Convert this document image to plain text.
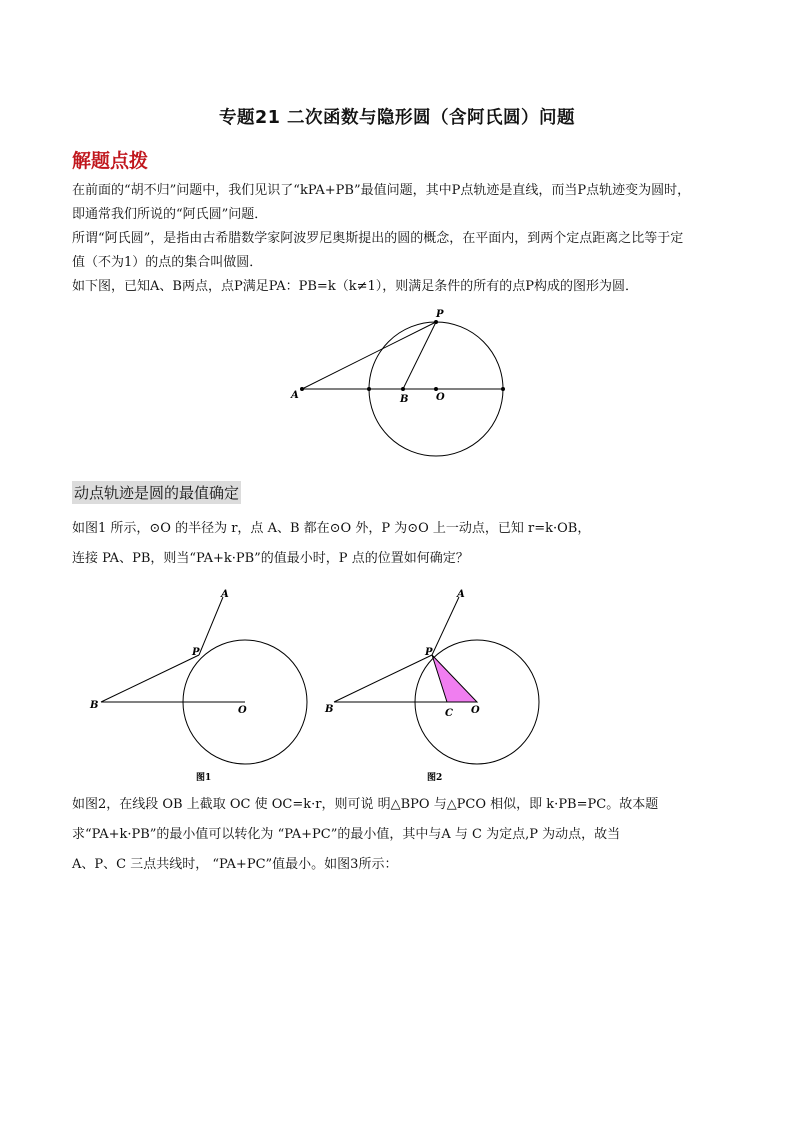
专题21 二次函数与隐形圆（含阿氏圆）问题
解题点拨
在前面的“胡不归”问题中，我们见识了“kPA+PB”最值问题，其中P点轨迹是直线，而当P点轨迹变为圆时，
即通常我们所说的“阿氏圆”问题．
所谓“阿氏圆”，是指由古希腊数学家阿波罗尼奥斯提出的圆的概念，在平面内，到两个定点距离之比等于定
值（不为1）的点的集合叫做圆．
如下图，已知A、B两点，点P满足PA：PB=k（k≠1），则满足条件的所有的点P构成的图形为圆．
A	B	O
P
A
P
B	O
图1
A
P
B	C O
图2
动点轨迹是圆的最值确定
如图1 所示，⊙O 的半径为 r，点 A、B 都在⊙O 外，P 为⊙O 上一动点，已知 r=k·OB，
连接 PA、PB，则当“PA+k·PB”的值最小时，P 点的位置如何确定？
如图2，在线段 OB 上截取 OC 使 OC=k·r，则可说 明△BPO 与△PCO 相似，即 k·PB=PC。故本题
求“PA+k·PB”的最小值可以转化为 “PA+PC”的最小值，其中与A 与 C 为定点,P 为动点，故当
A、P、C 三点共线时， “PA+PC”值最小。如图3所示：
